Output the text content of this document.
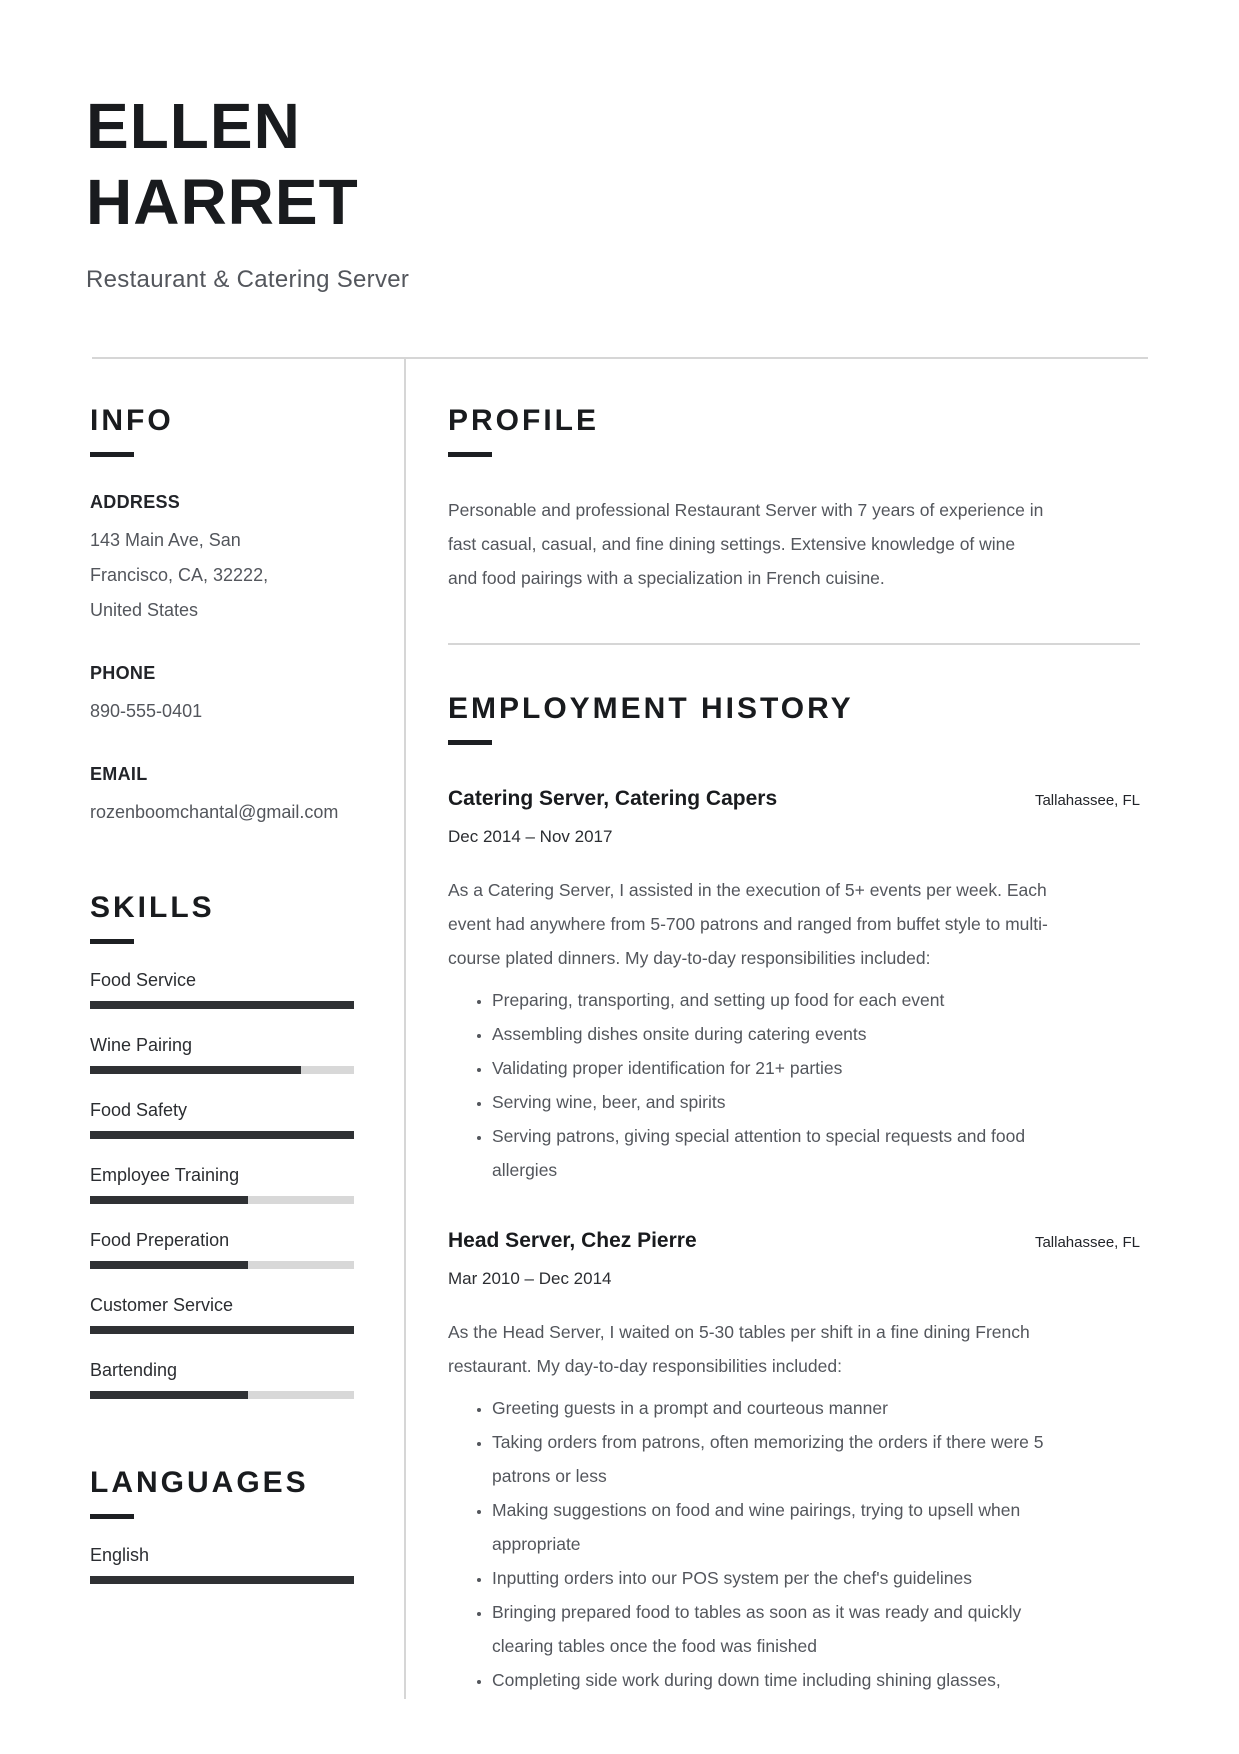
ELLEN
HARRET
Restaurant & Catering Server
INFO
ADDRESS
143 Main Ave, San Francisco, CA, 32222, United States
PHONE
890-555-0401
EMAIL
rozenboomchantal@gmail.com
SKILLS
Food Service
Wine Pairing
Food Safety
Employee Training
Food Preperation
Customer Service
Bartending
LANGUAGES
English
PROFILE

Personable and professional Restaurant Server with 7 years of experience in fast casual, casual, and fine dining settings. Extensive knowledge of wine and food pairings with a specialization in French cuisine.

EMPLOYMENT HISTORY
Catering Server, Catering Capers	Tallahassee, FL
Dec 2014 – Nov 2017

As a Catering Server, I assisted in the execution of 5+ events per week. Each event had anywhere from 5-700 patrons and ranged from buffet style to multi-course plated dinners. My day-to-day responsibilities included:

• Preparing, transporting, and setting up food for each event
• Assembling dishes onsite during catering events
• Validating proper identification for 21+ parties
• Serving wine, beer, and spirits
• Serving patrons, giving special attention to special requests and food allergies
Head Server, Chez Pierre	Tallahassee, FL
Mar 2010 – Dec 2014

As the Head Server, I waited on 5-30 tables per shift in a fine dining French restaurant. My day-to-day responsibilities included:

• Greeting guests in a prompt and courteous manner
• Taking orders from patrons, often memorizing the orders if there were 5 patrons or less
• Making suggestions on food and wine pairings, trying to upsell when appropriate
• Inputting orders into our POS system per the chef's guidelines
• Bringing prepared food to tables as soon as it was ready and quickly clearing tables once the food was finished
• Completing side work during down time including shining glasses,
